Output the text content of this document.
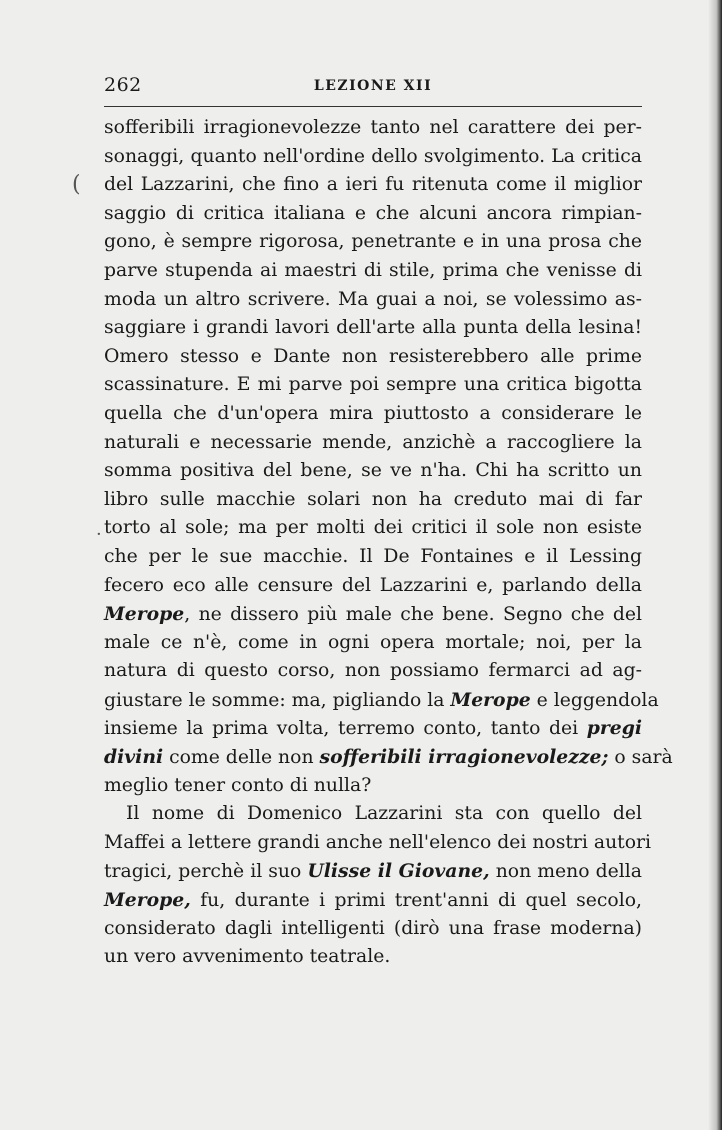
262	LEZIONE XII
(
·
sofferibili irragionevolezze tanto nel carattere dei per-
sonaggi, quanto nell'ordine dello svolgimento. La critica
del Lazzarini, che fino a ieri fu ritenuta come il miglior
saggio di critica italiana e che alcuni ancora rimpian-
gono, è sempre rigorosa, penetrante e in una prosa che
parve stupenda ai maestri di stile, prima che venisse di
moda un altro scrivere. Ma guai a noi, se volessimo as-
saggiare i grandi lavori dell'arte alla punta della lesina!
Omero stesso e Dante non resisterebbero alle prime
scassinature. E mi parve poi sempre una critica bigotta
quella che d'un'opera mira piuttosto a considerare le
naturali e necessarie mende, anzichè a raccogliere la
somma positiva del bene, se ve n'ha. Chi ha scritto un
libro sulle macchie solari non ha creduto mai di far
torto al sole; ma per molti dei critici il sole non esiste
che per le sue macchie. Il De Fontaines e il Lessing
fecero eco alle censure del Lazzarini e, parlando della
Merope, ne dissero più male che bene. Segno che del
male ce n'è, come in ogni opera mortale; noi, per la
natura di questo corso, non possiamo fermarci ad ag-
giustare le somme: ma, pigliando la Merope e leggendola
insieme la prima volta, terremo conto, tanto dei pregi
divini come delle non sofferibili irragionevolezze; o sarà
meglio tener conto di nulla?
Il nome di Domenico Lazzarini sta con quello del
Maffei a lettere grandi anche nell'elenco dei nostri autori
tragici, perchè il suo Ulisse il Giovane, non meno della
Merope, fu, durante i primi trent'anni di quel secolo,
considerato dagli intelligenti (dirò una frase moderna)
un vero avvenimento teatrale.
